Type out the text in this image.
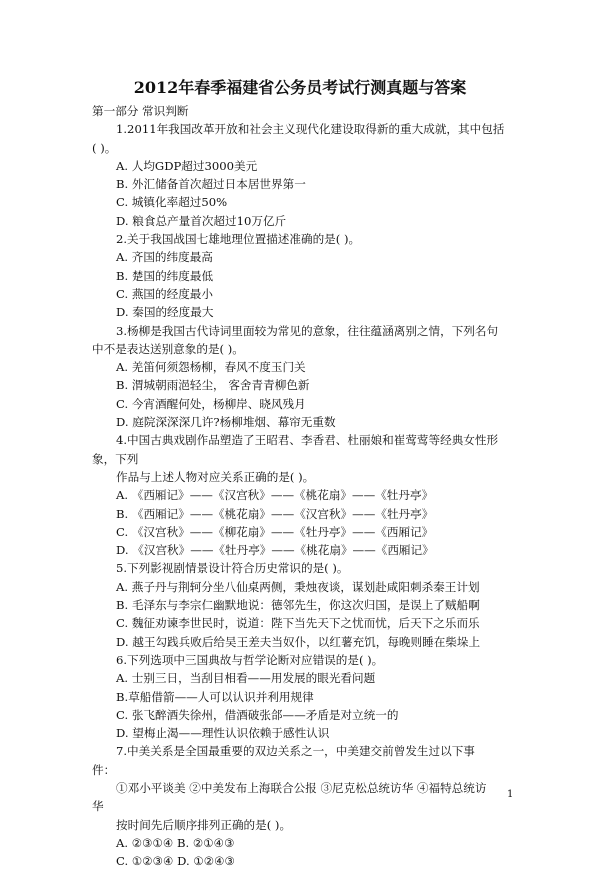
2012年春季福建省公务员考试行测真题与答案
第一部分 常识判断
1.2011年我国改革开放和社会主义现代化建设取得新的重大成就，其中包括
( )。
A. 人均GDP超过3000美元
B. 外汇储备首次超过日本居世界第一
C. 城镇化率超过50%
D. 粮食总产量首次超过10万亿斤
2.关于我国战国七雄地理位置描述准确的是( )。
A. 齐国的纬度最高
B. 楚国的纬度最低
C. 燕国的经度最小
D. 秦国的经度最大
3.杨柳是我国古代诗词里面较为常见的意象，往往蕴涵离别之情，下列名句
中不是表达送别意象的是( )。
A. 羌笛何须怨杨柳，春风不度玉门关
B. 渭城朝雨浥轻尘， 客舍青青柳色新
C. 今宵酒醒何处，杨柳岸、晓风残月
D. 庭院深深深几许?杨柳堆烟、幕帘无重数
4.中国古典戏剧作品塑造了王昭君、李香君、杜丽娘和崔莺莺等经典女性形
象，下列
作品与上述人物对应关系正确的是( )。
A. 《西厢记》——《汉宫秋》——《桃花扇》——《牡丹亭》
B. 《西厢记》——《桃花扇》——《汉宫秋》——《牡丹亭》
C. 《汉宫秋》——《柳花扇》——《牡丹亭》——《西厢记》
D. 《汉宫秋》——《牡丹亭》——《桃花扇》——《西厢记》
5.下列影视剧情景设计符合历史常识的是( )。
A. 燕子丹与荆轲分坐八仙桌两侧，秉烛夜谈，谋划赴咸阳刺杀秦王计划
B. 毛泽东与李宗仁幽默地说：德邻先生，你这次归国，是误上了贼船啊
C. 魏征劝谏李世民时，说道：陛下当先天下之忧而忧，后天下之乐而乐
D. 越王勾践兵败后给吴王差夫当奴仆，以红薯充饥，每晚则睡在柴垛上
6.下列选项中三国典故与哲学论断对应错误的是( )。
A. 士别三日，当刮目相看——用发展的眼光看问题
B.草船借箭——人可以认识并利用规律
C. 张飞醉酒失徐州，借酒破张郃——矛盾是对立统一的
D. 望梅止渴——理性认识依赖于感性认识
7.中美关系是全国最重要的双边关系之一，中美建交前曾发生过以下事
件：
①邓小平谈美 ②中美发布上海联合公报 ③尼克松总统访华 ④福特总统访
华
按时间先后顺序排列正确的是( )。
A. ②③①④ B. ②①④③
C. ①②③④ D. ①②④③
1
